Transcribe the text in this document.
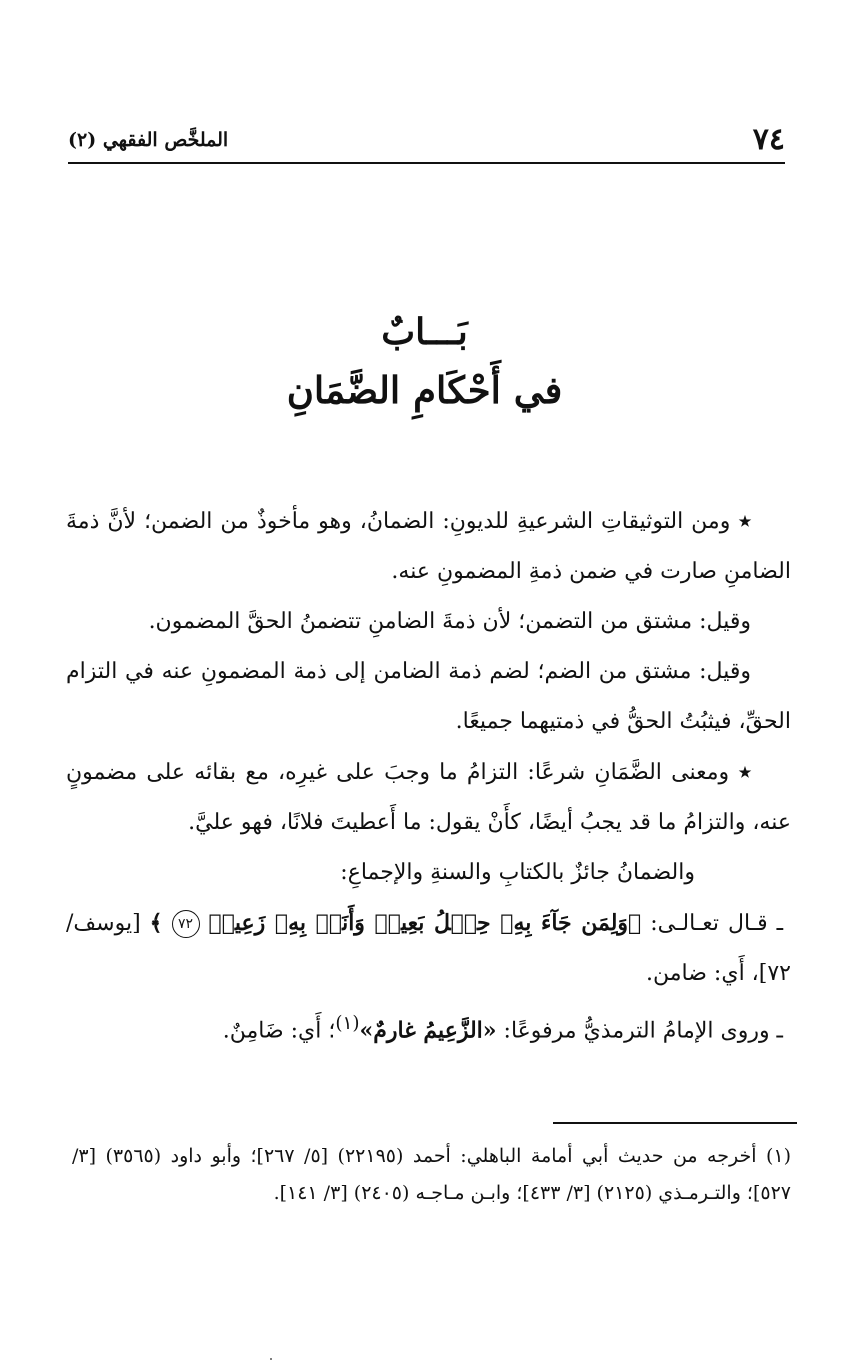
٧٤
الملخَّص الفقهي (٢)
بَـــابٌ
في أَحْكَامِ الضَّمَانِ

٭ ومن التوثيقاتِ الشرعيةِ للديونِ: الضمانُ، وهو مأخوذٌ من الضمن؛ لأنَّ ذمةَ الضامنِ صارت في ضمن ذمةِ المضمونِ عنه.

وقيل: مشتق من التضمن؛ لأن ذمةَ الضامنِ تتضمنُ الحقَّ المضمون.

وقيل: مشتق من الضم؛ لضم ذمة الضامن إلى ذمة المضمونِ عنه في التزام الحقِّ، فيثبُتُ الحقُّ في ذمتيهما جميعًا.

٭ ومعنى الضَّمَانِ شرعًا: التزامُ ما وجبَ على غيرِه، مع بقائه على مضمونٍ عنه، والتزامُ ما قد يجبُ أيضًا، كأَنْ يقول: ما أَعطيتَ فلانًا، فهو عليَّ.

والضمانُ جائزٌ بالكتابِ والسنةِ والإجماعِ:

ـ قـال تعـالـى: ﴿وَلِمَن جَآءَ بِهِۦ حِمۡلُ بَعِيرٖ وَأَنَا۠ بِهِۦ زَعِيمٞ ٧٢ ﴾ [يوسف/ ٧٢]، أَي: ضامن.

ـ وروى الإمامُ الترمذيُّ مرفوعًا: «الزَّعِيمُ غارمٌ»$^{(١)}$؛ أَي: ضَامِنٌ.

(١) أخرجه من حديث أبي أمامة الباهلي: أحمد (٢٢١٩٥) [٥/ ٢٦٧]؛ وأبو داود (٣٥٦٥) [٣/ ٥٢٧]؛ والتـرمـذي (٢١٢٥) [٣/ ٤٣٣]؛ وابـن مـاجـه (٢٤٠٥) [٣/ ١٤١].
